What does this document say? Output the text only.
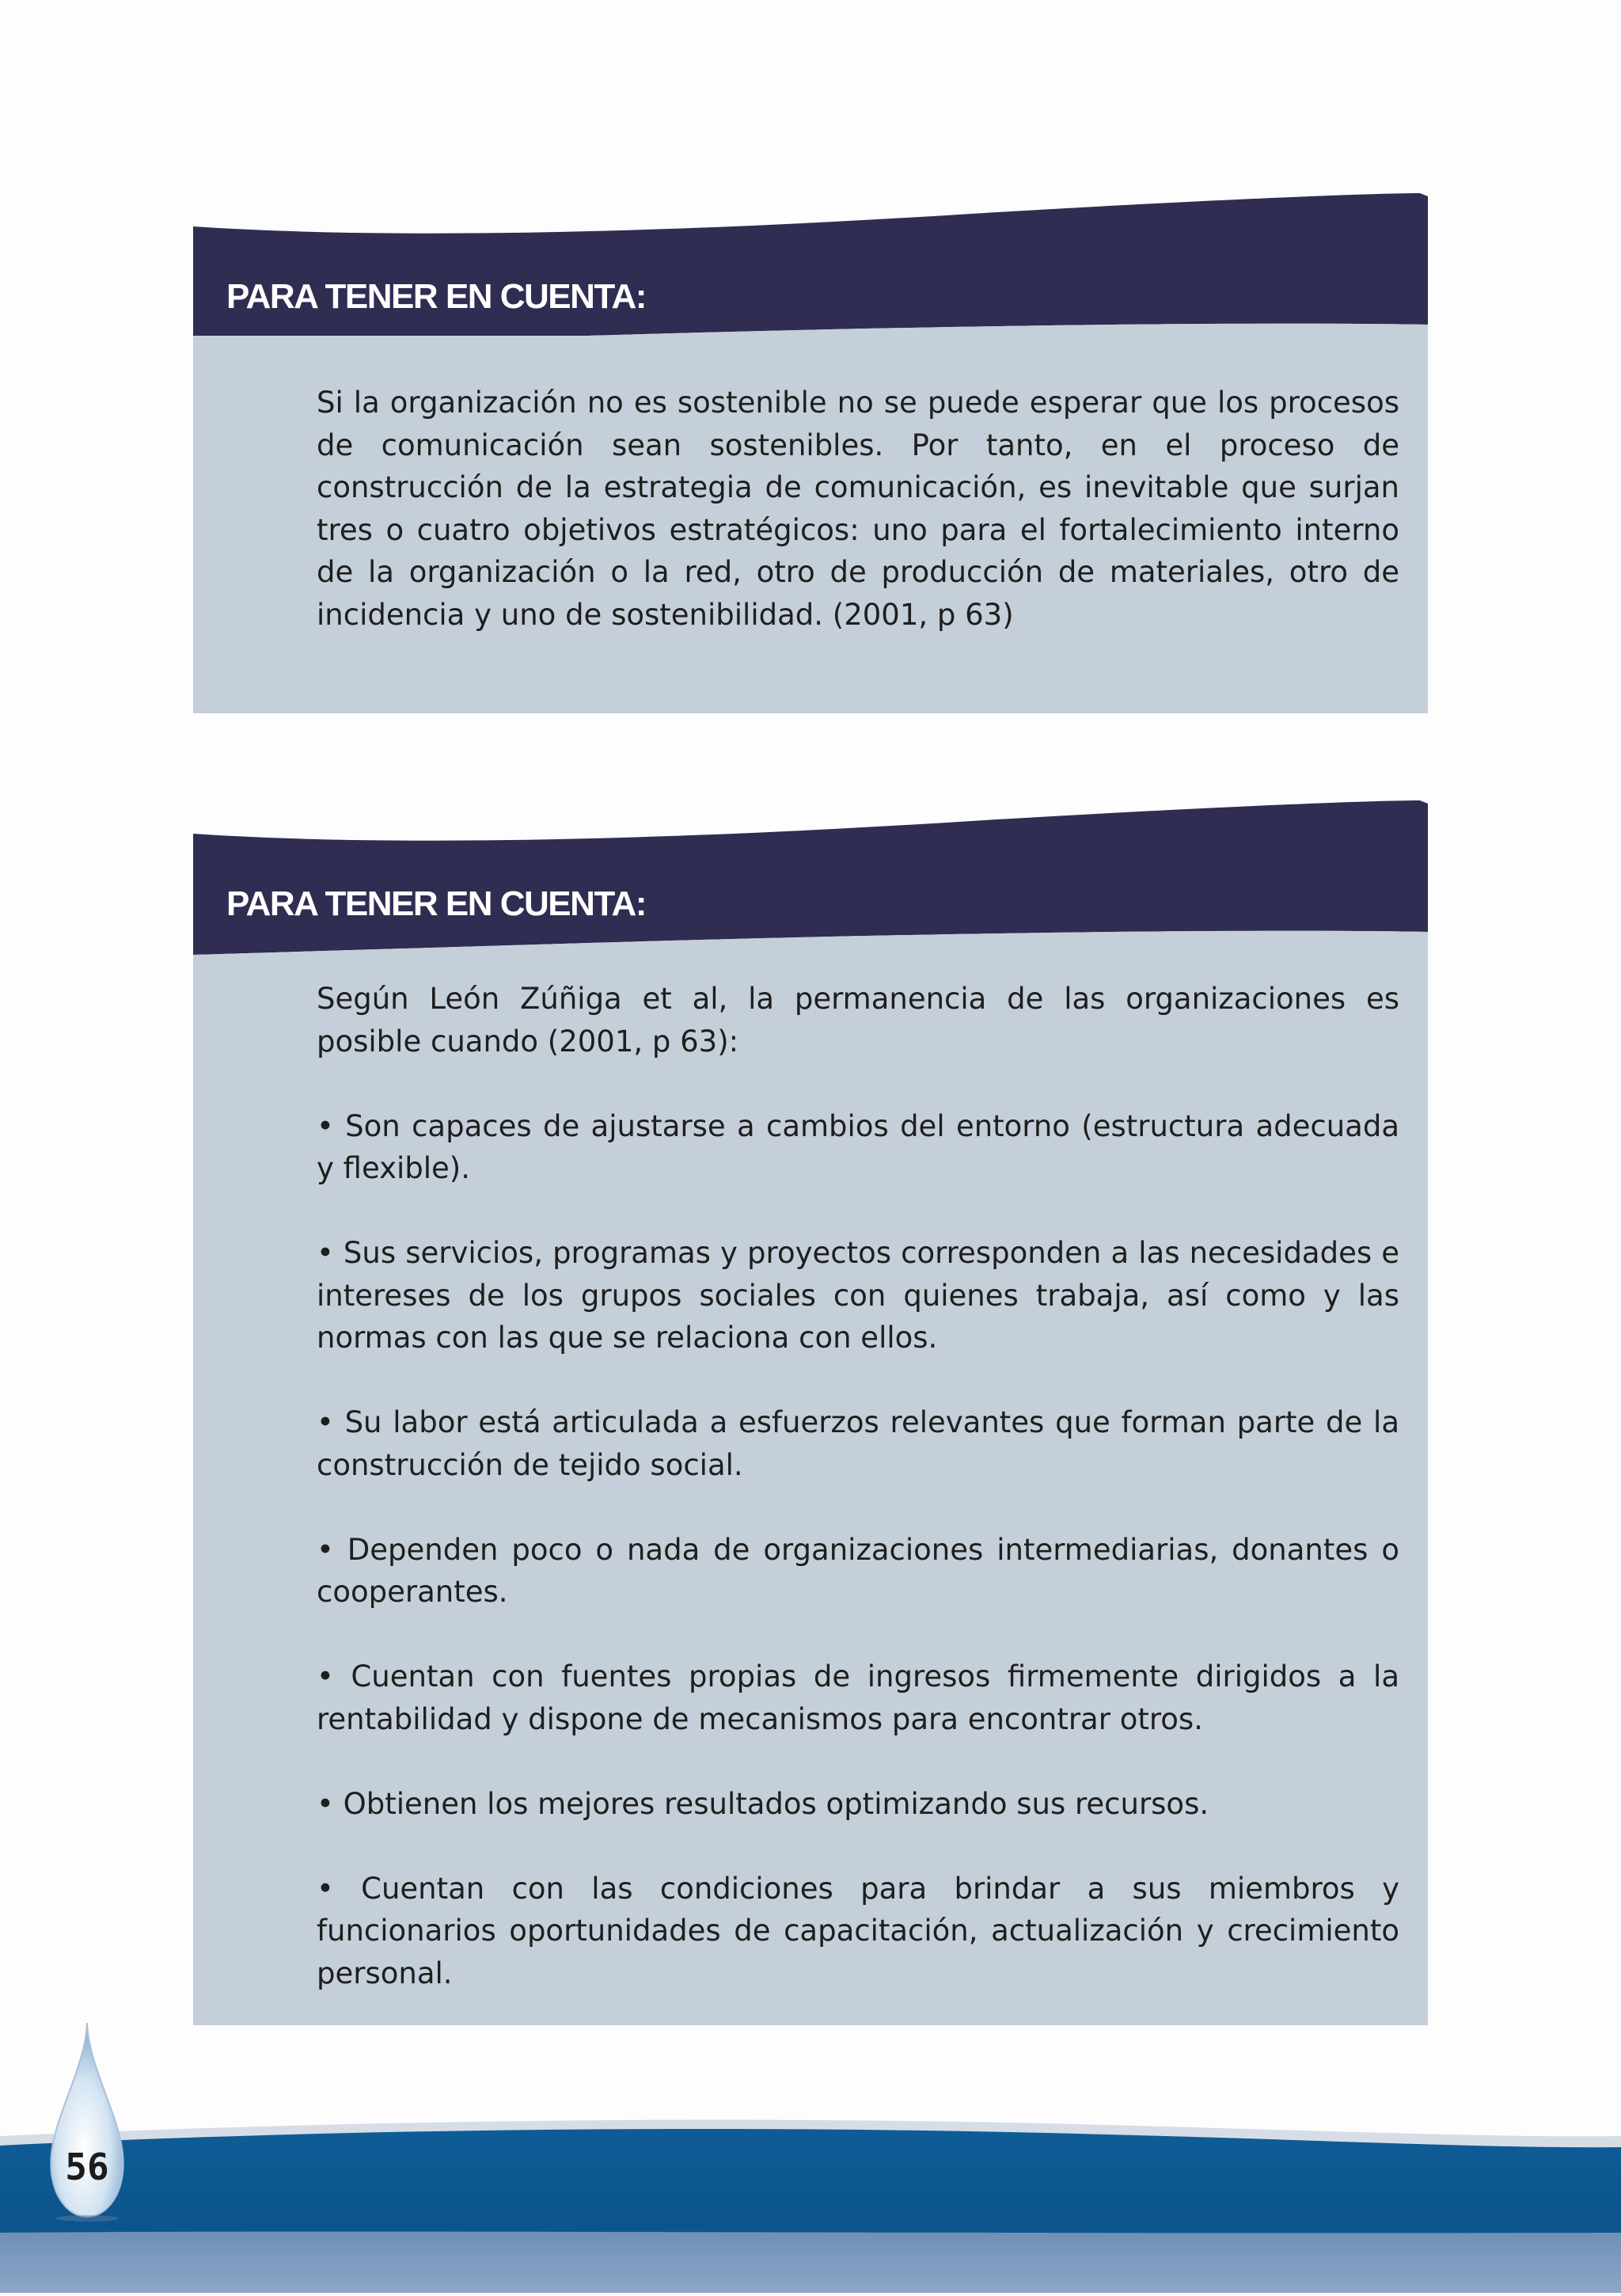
PARA TENER EN CUENTA:

Si la organización no es sostenible no se puede esperar que los procesos de comunicación sean sostenibles. Por tanto, en el proceso de construcción de la estrategia de comunicación, es inevitable que surjan tres o cuatro objetivos estratégicos: uno para el fortalecimiento interno de la organización o la red, otro de producción de materiales, otro de incidencia y uno de sostenibilidad. (2001, p 63)

PARA TENER EN CUENTA:

Según León Zúñiga et al, la permanencia de las organizaciones es posible cuando (2001, p 63):

• Son capaces de ajustarse a cambios del entorno (estructura adecuada y flexible).

• Sus servicios, programas y proyectos corresponden a las necesidades e intereses de los grupos sociales con quienes trabaja, así como y las normas con las que se relaciona con ellos.

• Su labor está articulada a esfuerzos relevantes que forman parte de la construcción de tejido social.

• Dependen poco o nada de organizaciones intermediarias, donantes o cooperantes.

• Cuentan con fuentes propias de ingresos firmemente dirigidos a la rentabilidad y dispone de mecanismos para encontrar otros.

• Obtienen los mejores resultados optimizando sus recursos.

• Cuentan con las condiciones para brindar a sus miembros y funcionarios oportunidades de capacitación, actualización y crecimiento personal.

56
